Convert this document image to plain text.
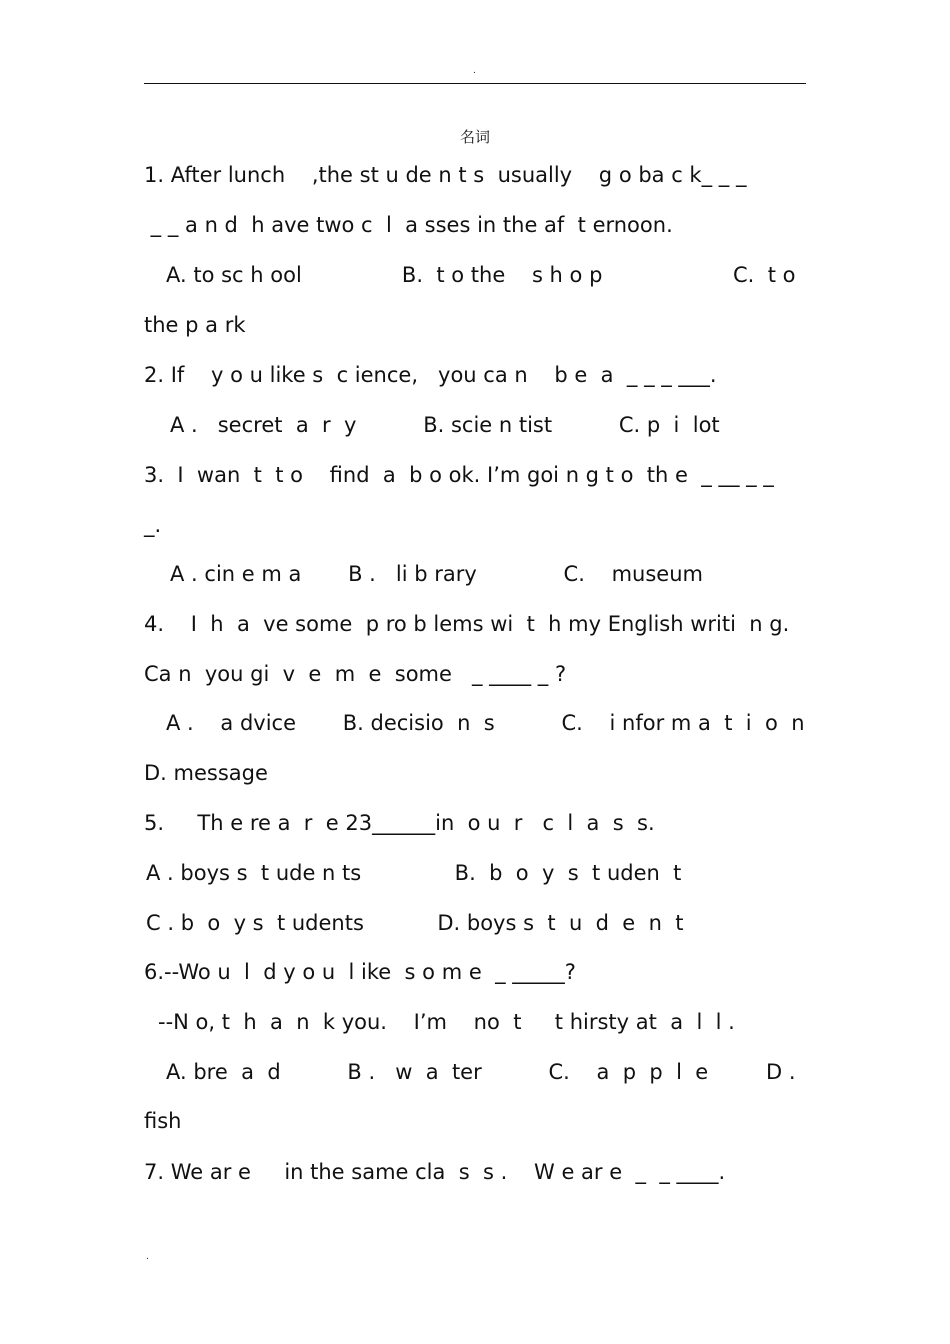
.
名词
1. After lunch    ,the st u de n t s  usually    g o ba c k_ _ _
_ _ a n d  h ave two c  l  a sses in the af  t ernoon.
A. to sc h ool               B.  t o the    s h o p	C.  t o
the p a rk
2. If    y o u like s  c ience,   you ca n    b e  a  _ _ _ ___.
A .   secret  a  r  y          B. scie n tist          C. p  i  lot
3.  I  wan  t  t o    find  a  b o ok. I’m goi n g t o  th e  _ __ _ _
_.
A . cin e m a       B .   li b rary             C.    museum
4.    I  h  a  ve some  p ro b lems wi  t  h my English writi  n g.
Ca n  you gi  v  e  m  e  some   _ ____ _ ?
A .    a dvice       B. decisio  n  s          C.    i nfor m a  t  i  o  n
D. message
5.     Th e re a  r  e 23______in  o u  r   c  l  a  s  s.
A . boys s  t ude n ts              B.  b  o  y  s  t uden  t
C . b  o  y s  t udents           D. boys s  t  u  d  e  n  t
6.--Wo u  l  d y o u  l ike  s o m e  _ _____?
--N o, t  h  a  n  k you.    I’m    no  t     t hirsty at  a  l  l .
A. bre  a  d          B .   w  a  ter          C.    a  p  p  l  e	D .
fish
7. We ar e     in the same cla  s  s .    W e ar e  _  _ ____.
.
